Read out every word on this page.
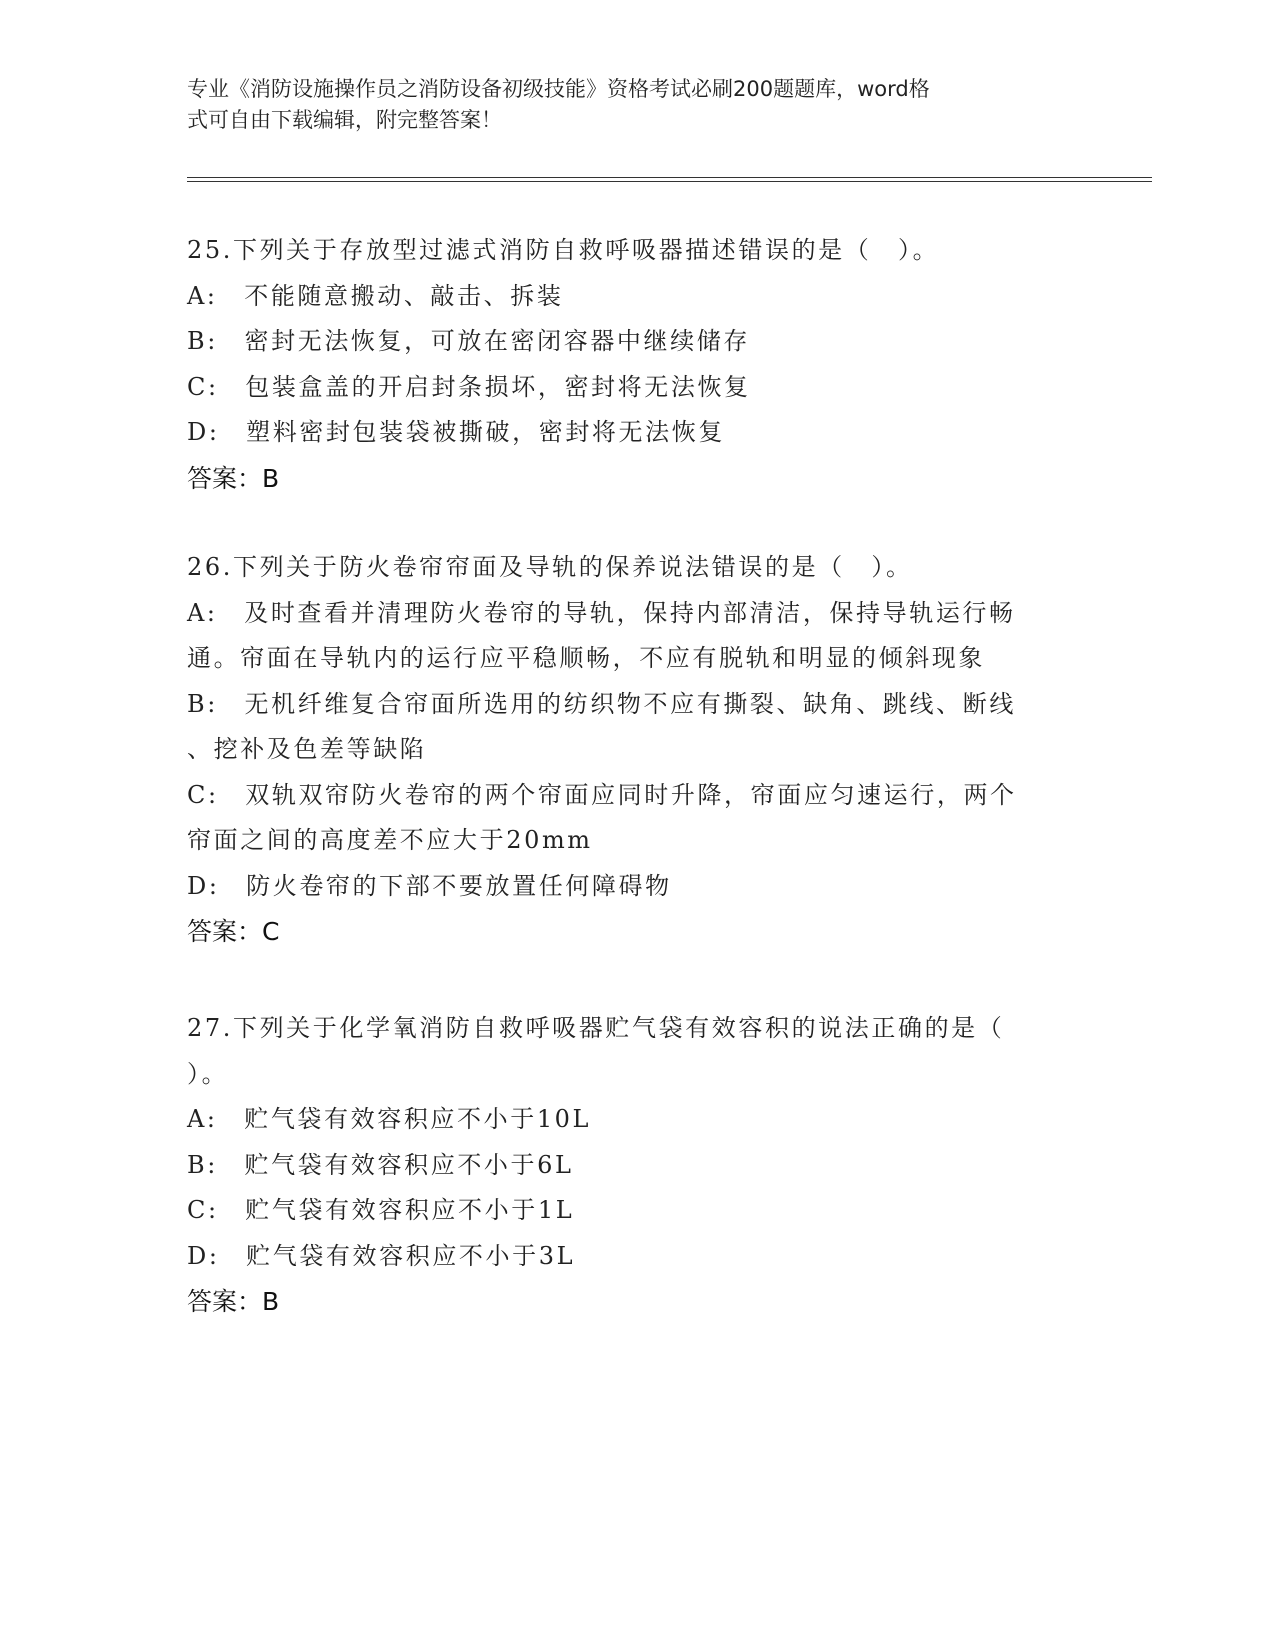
专业《消防设施操作员之消防设备初级技能》资格考试必刷200题题库，word格
式可自由下载编辑，附完整答案！
25.下列关于存放型过滤式消防自救呼吸器描述错误的是（　）。
A:　不能随意搬动、敲击、拆装
B:　密封无法恢复，可放在密闭容器中继续储存
C:　包装盒盖的开启封条损坏，密封将无法恢复
D:　塑料密封包装袋被撕破，密封将无法恢复
答案：B
26.下列关于防火卷帘帘面及导轨的保养说法错误的是（　）。
A:　及时查看并清理防火卷帘的导轨，保持内部清洁，保持导轨运行畅
通。帘面在导轨内的运行应平稳顺畅，不应有脱轨和明显的倾斜现象
B:　无机纤维复合帘面所选用的纺织物不应有撕裂、缺角、跳线、断线
、挖补及色差等缺陷
C:　双轨双帘防火卷帘的两个帘面应同时升降，帘面应匀速运行，两个
帘面之间的高度差不应大于20mm
D:　防火卷帘的下部不要放置任何障碍物
答案：C
27.下列关于化学氧消防自救呼吸器贮气袋有效容积的说法正确的是（
）。
A:　贮气袋有效容积应不小于10L
B:　贮气袋有效容积应不小于6L
C:　贮气袋有效容积应不小于1L
D:　贮气袋有效容积应不小于3L
答案：B
